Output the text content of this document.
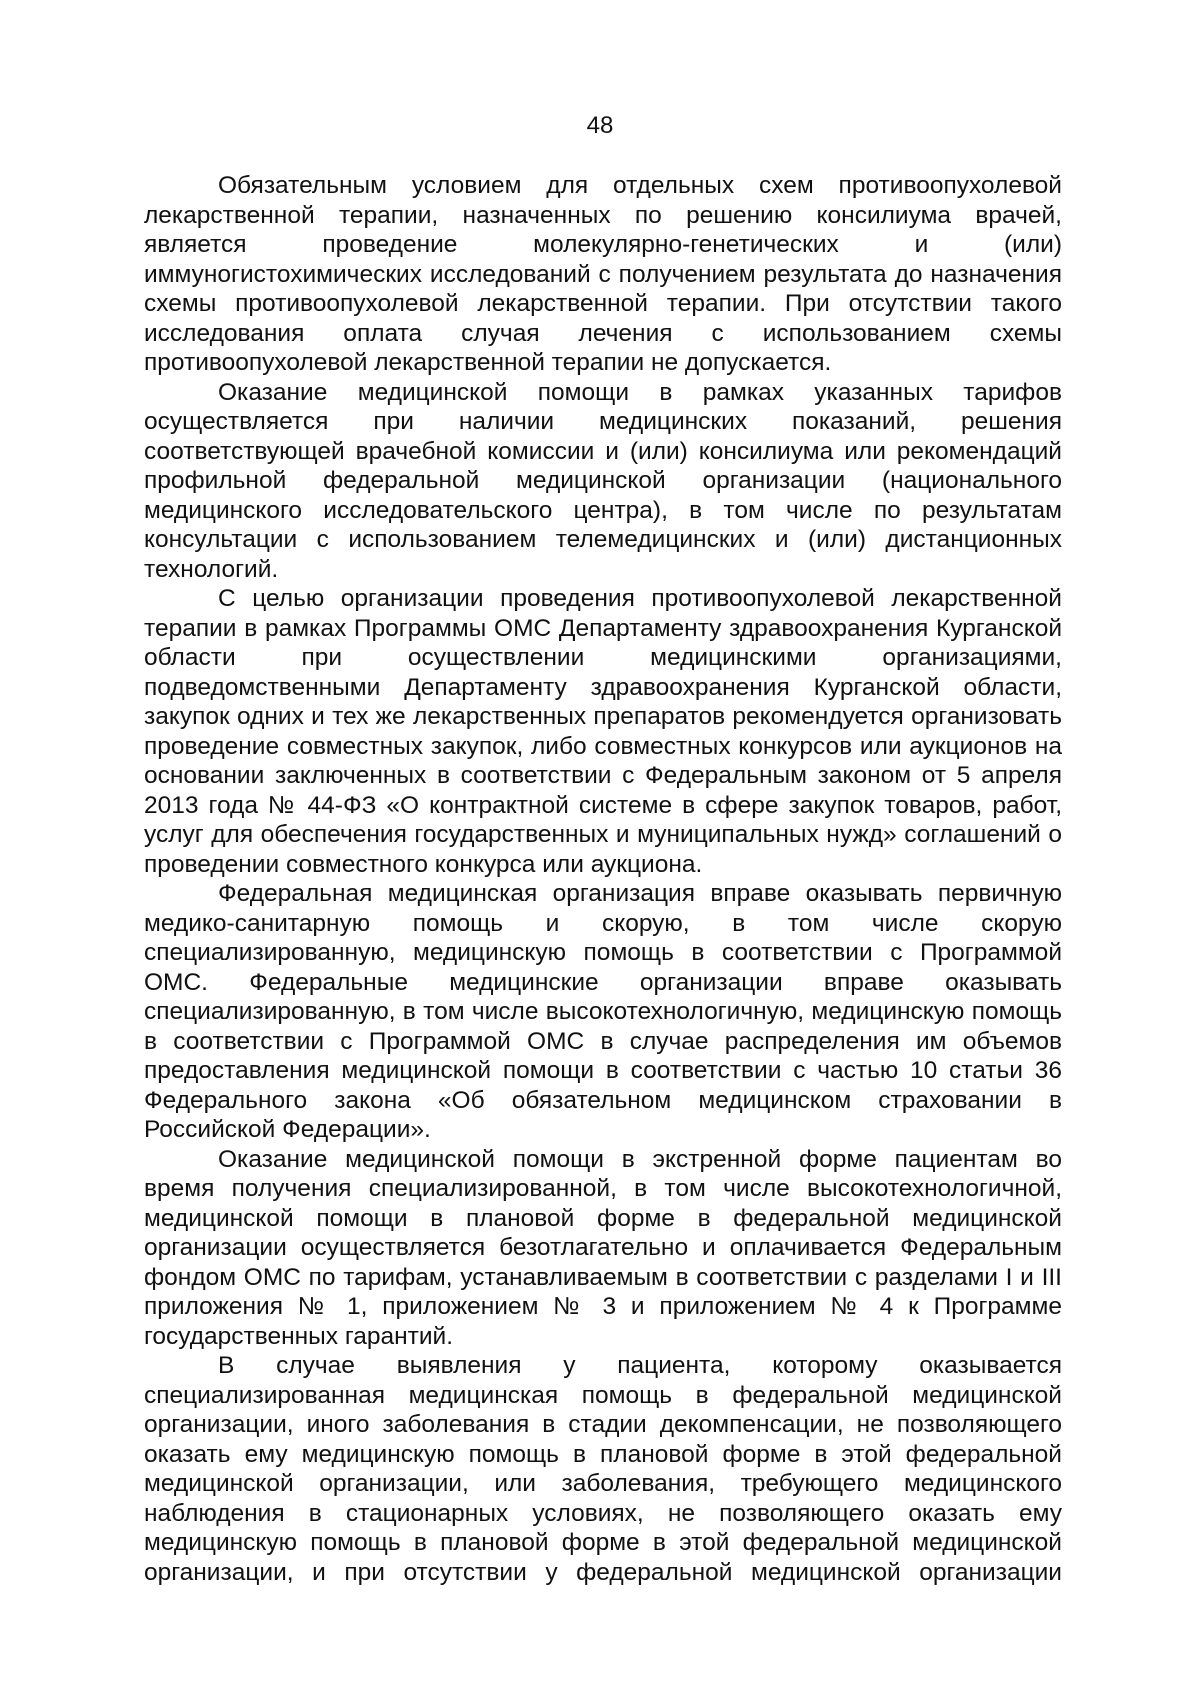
48

Обязательным условием для отдельных схем противоопухолевой лекарственной терапии, назначенных по решению консилиума врачей, является проведение молекулярно-генетических и (или) иммуногистохимических исследований с получением результата до назначения схемы противоопухолевой лекарственной терапии. При отсутствии такого исследования оплата случая лечения с использованием схемы противоопухолевой лекарственной терапии не допускается.

Оказание медицинской помощи в рамках указанных тарифов осуществляется при наличии медицинских показаний, решения соответствующей врачебной комиссии и (или) консилиума или рекомендаций профильной федеральной медицинской организации (национального медицинского исследовательского центра), в том числе по результатам консультации с использованием телемедицинских и (или) дистанционных технологий.

С целью организации проведения противоопухолевой лекарственной терапии в рамках Программы ОМС Департаменту здравоохранения Курганской области при осуществлении медицинскими организациями, подведомственными Департаменту здравоохранения Курганской области, закупок одних и тех же лекарственных препаратов рекомендуется организовать проведение совместных закупок, либо совместных конкурсов или аукционов на основании заключенных в соответствии с Федеральным законом от 5 апреля 2013 года № 44-ФЗ «О контрактной системе в сфере закупок товаров, работ, услуг для обеспечения государственных и муниципальных нужд» соглашений о проведении совместного конкурса или аукциона.

Федеральная медицинская организация вправе оказывать первичную медико-санитарную помощь и скорую, в том числе скорую специализированную, медицинскую помощь в соответствии с Программой ОМС. Федеральные медицинские организации вправе оказывать специализированную, в том числе высокотехнологичную, медицинскую помощь в соответствии с Программой ОМС в случае распределения им объемов предоставления медицинской помощи в соответствии с частью 10 статьи 36 Федерального закона «Об обязательном медицинском страховании в Российской Федерации».

Оказание медицинской помощи в экстренной форме пациентам во время получения специализированной, в том числе высокотехнологичной, медицинской помощи в плановой форме в федеральной медицинской организации осуществляется безотлагательно и оплачивается Федеральным фондом ОМС по тарифам, устанавливаемым в соответствии с разделами I и III приложения № 1, приложением № 3 и приложением № 4 к Программе государственных гарантий.

В случае выявления у пациента, которому оказывается специализированная медицинская помощь в федеральной медицинской организации, иного заболевания в стадии декомпенсации, не позволяющего оказать ему медицинскую помощь в плановой форме в этой федеральной медицинской организации, или заболевания, требующего медицинского наблюдения в стационарных условиях, не позволяющего оказать ему медицинскую помощь в плановой форме в этой федеральной медицинской организации, и при отсутствии у федеральной медицинской организации
